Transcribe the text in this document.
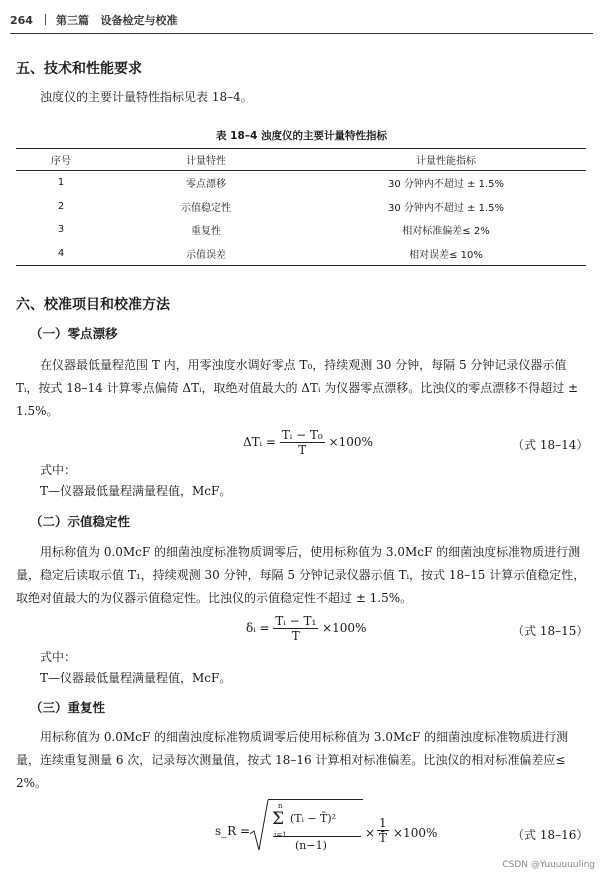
264 第三篇 设备检定与校准
五、技术和性能要求
浊度仪的主要计量特性指标见表 18–4。
表 18–4 浊度仪的主要计量特性指标
序号	计量特性	计量性能指标
1	零点漂移	30 分钟内不超过 ± 1.5%
2	示值稳定性	30 分钟内不超过 ± 1.5%
3	重复性	相对标准偏差≤ 2%
4	示值误差	相对误差≤ 10%
六、校准项目和校准方法
（一）零点漂移
在仪器最低量程范围 T 内，用零浊度水调好零点 T₀，持续观测 30 分钟，每隔 5 分钟记录仪器示值 Tᵢ，按式 18–14 计算零点偏倚 ΔTᵢ，取绝对值最大的 ΔTᵢ 为仪器零点漂移。比浊仪的零点漂移不得超过 ± 1.5%。
ΔTᵢ = $\frac{\text{Tᵢ − T₀}}{T} \times 100\%$	（式 18–14）
式中：
T—仪器最低量程满量程值，McF。
（二）示值稳定性
用标称值为 0.0McF 的细菌浊度标准物质调零后，使用标称值为 3.0McF 的细菌浊度标准物质进行测量，稳定后读取示值 T₁，持续观测 30 分钟，每隔 5 分钟记录仪器示值 Tᵢ，按式 18–15 计算示值稳定性，取绝对值最大的为仪器示值稳定性。比浊仪的示值稳定性不超过 ± 1.5%。
δᵢ = $\frac{\text{Tᵢ − T₁}}{T} \times 100\%$	（式 18–15）
式中：
T—仪器最低量程满量程值，McF。
（三）重复性
用标称值为 0.0McF 的细菌浊度标准物质调零后使用标称值为 3.0McF 的细菌浊度标准物质进行测量，连续重复测量 6 次，记录每次测量值，按式 18–16 计算相对标准偏差。比浊仪的相对标准偏差应≤ 2%。
s_R =
n
Σ
i=1
(Tᵢ − T̄)²
(n−1)
× $\frac{1}{T̄} \times 100\%$	（式 18–16）
CSDN @Yuuuuuuling
